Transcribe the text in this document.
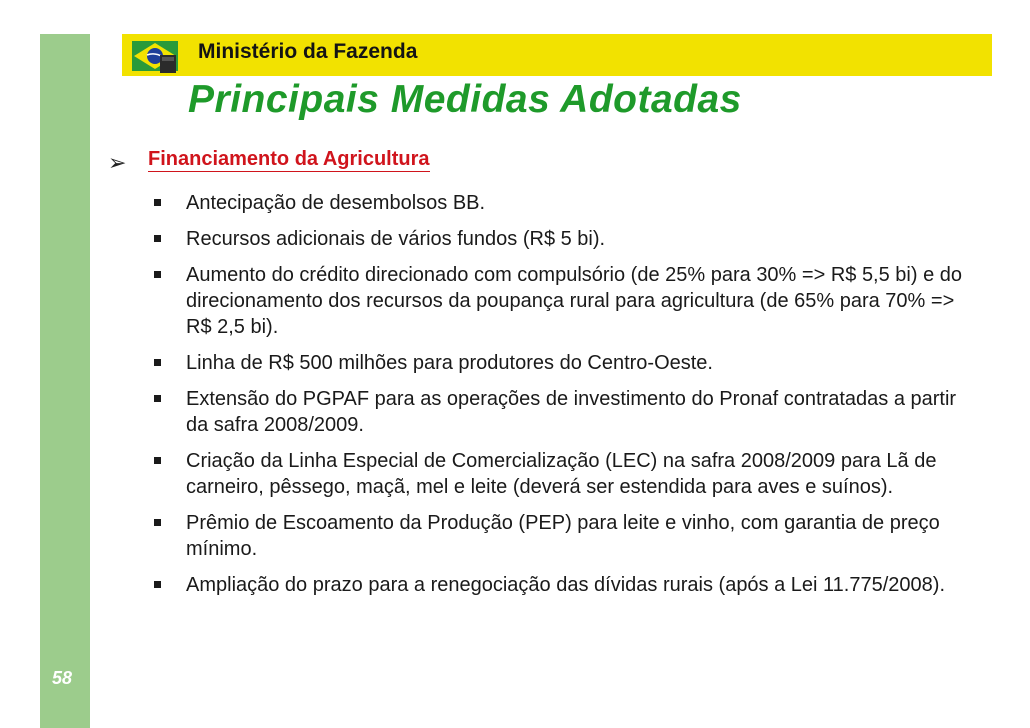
Ministério da Fazenda
Principais Medidas Adotadas
➢ Financiamento da Agricultura
Antecipação de desembolsos BB.
Recursos adicionais de vários fundos (R$ 5 bi).
Aumento do crédito direcionado com compulsório (de 25% para 30% => R$ 5,5 bi) e do direcionamento dos recursos da poupança rural para agricultura (de 65% para 70% => R$ 2,5 bi).
Linha de R$ 500 milhões para produtores do Centro-Oeste.
Extensão do PGPAF para as operações de investimento do Pronaf contratadas a partir da safra 2008/2009.
Criação da Linha Especial de Comercialização (LEC) na safra 2008/2009 para Lã de carneiro, pêssego, maçã, mel e leite (deverá ser estendida para aves e suínos).
Prêmio de Escoamento da Produção (PEP) para leite e vinho, com garantia de preço mínimo.
Ampliação do prazo para a renegociação das dívidas rurais (após a Lei 11.775/2008).
58
